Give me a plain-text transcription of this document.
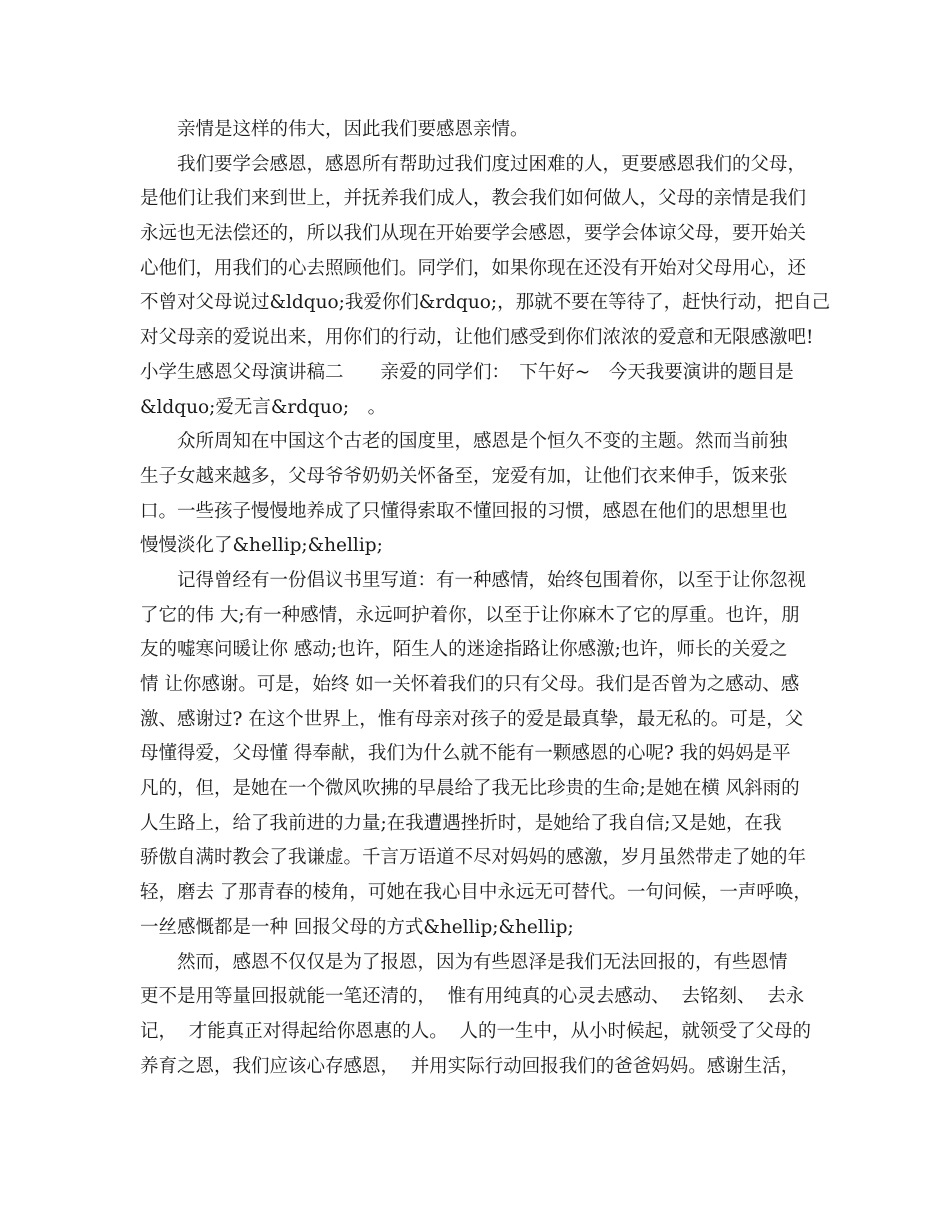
亲情是这样的伟大，因此我们要感恩亲情。
我们要学会感恩，感恩所有帮助过我们度过困难的人，更要感恩我们的父母，
是他们让我们来到世上，并抚养我们成人，教会我们如何做人，父母的亲情是我们
永远也无法偿还的，所以我们从现在开始要学会感恩，要学会体谅父母，要开始关
心他们，用我们的心去照顾他们。同学们，如果你现在还没有开始对父母用心，还
不曾对父母说过&ldquo;我爱你们&rdquo;，那就不要在等待了，赶快行动，把自己
对父母亲的爱说出来，用你们的行动，让他们感受到你们浓浓的爱意和无限感激吧!
小学生感恩父母演讲稿二　　亲爱的同学们：　下午好~　今天我要演讲的题目是
&ldquo;爱无言&rdquo;　。
众所周知在中国这个古老的国度里，感恩是个恒久不变的主题。然而当前独
生子女越来越多，父母爷爷奶奶关怀备至，宠爱有加，让他们衣来伸手，饭来张
口。一些孩子慢慢地养成了只懂得索取不懂回报的习惯，感恩在他们的思想里也
慢慢淡化了&hellip;&hellip;
记得曾经有一份倡议书里写道：有一种感情，始终包围着你，以至于让你忽视
了它的伟 大;有一种感情，永远呵护着你，以至于让你麻木了它的厚重。也许，朋
友的嘘寒问暖让你 感动;也许，陌生人的迷途指路让你感激;也许，师长的关爱之
情 让你感谢。可是，始终 如一关怀着我们的只有父母。我们是否曾为之感动、感
激、感谢过? 在这个世界上，惟有母亲对孩子的爱是最真挚，最无私的。可是，父
母懂得爱，父母懂 得奉献，我们为什么就不能有一颗感恩的心呢? 我的妈妈是平
凡的，但，是她在一个微风吹拂的早晨给了我无比珍贵的生命;是她在横 风斜雨的
人生路上，给了我前进的力量;在我遭遇挫折时，是她给了我自信;又是她，在我
骄傲自满时教会了我谦虚。千言万语道不尽对妈妈的感激，岁月虽然带走了她的年
轻，磨去 了那青春的棱角，可她在我心目中永远无可替代。一句问候，一声呼唤，
一丝感慨都是一种 回报父母的方式&hellip;&hellip;
然而，感恩不仅仅是为了报恩，因为有些恩泽是我们无法回报的，有些恩情
更不是用等量回报就能一笔还清的，  惟有用纯真的心灵去感动、  去铭刻、  去永
记，  才能真正对得起给你恩惠的人。  人的一生中，从小时候起，就领受了父母的
养育之恩，我们应该心存感恩，  并用实际行动回报我们的爸爸妈妈。感谢生活，
